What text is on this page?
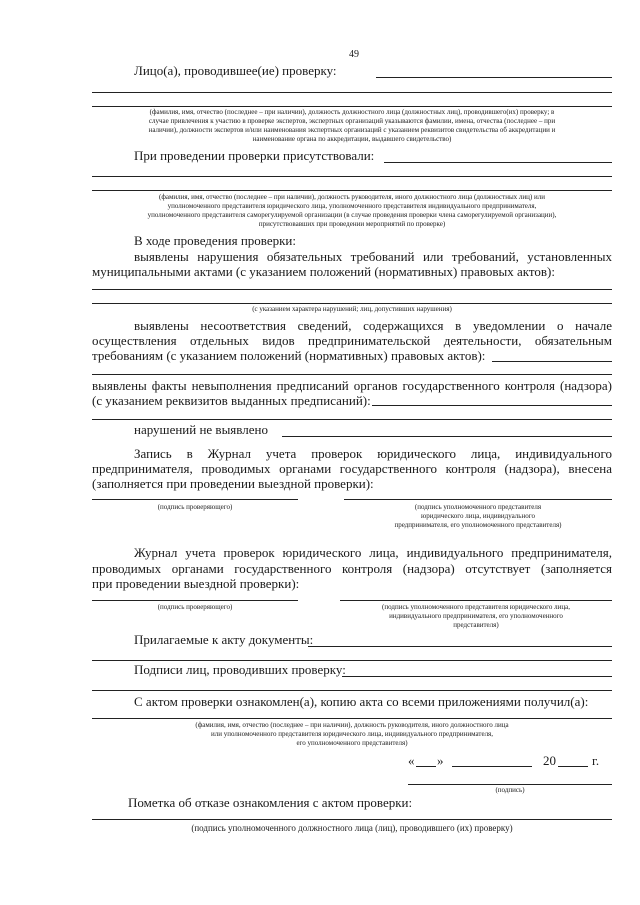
49

Лицо(а), проводившее(ие) проверку:

(фамилия, имя, отчество (последнее – при наличии), должность должностного лица (должностных лиц), проводившего(их) проверку; в

случае привлечения к участию в проверке экспертов, экспертных организаций указываются фамилии, имена, отчества (последнее – при

наличии), должности экспертов и/или наименования экспертных организаций с указанием реквизитов свидетельства об аккредитации и

наименование органа по аккредитации, выдавшего свидетельство)

При проведении проверки присутствовали:

(фамилия, имя, отчество (последнее – при наличии), должность руководителя, иного должностного лица (должностных лиц) или

уполномоченного представителя юридического лица, уполномоченного представителя индивидуального предпринимателя,

уполномоченного представителя саморегулируемой организации (в случае проведения проверки члена саморегулируемой организации),

присутствовавших при проведении мероприятий по проверке)

В ходе проведения проверки:

выявлены нарушения обязательных требований или требований, установленных

муниципальными актами (с указанием положений (нормативных) правовых актов):

(с указанием характера нарушений; лиц, допустивших нарушения)

выявлены несоответствия сведений, содержащихся в уведомлении о начале

осуществления отдельных видов предпринимательской деятельности, обязательным

требованиям (с указанием положений (нормативных) правовых актов):

выявлены факты невыполнения предписаний органов государственного контроля (надзора)

(с указанием реквизитов выданных предписаний):

нарушений не выявлено

Запись в Журнал учета проверок юридического лица, индивидуального

предпринимателя, проводимых органами государственного контроля (надзора), внесена

(заполняется при проведении выездной проверки):

(подпись проверяющего)	(подпись уполномоченного представителя

юридического лица, индивидуального

предпринимателя, его уполномоченного представителя)

Журнал учета проверок юридического лица, индивидуального предпринимателя,

проводимых органами государственного контроля (надзора) отсутствует (заполняется

при проведении выездной проверки):

(подпись проверяющего)	(подпись уполномоченного представителя юридического лица,

индивидуального предпринимателя, его уполномоченного

представителя)

Прилагаемые к акту документы:

Подписи лиц, проводивших проверку:

С актом проверки ознакомлен(а), копию акта со всеми приложениями получил(а):

(фамилия, имя, отчество (последнее – при наличии), должность руководителя, иного должностного лица

или уполномоченного представителя юридического лица, индивидуального предпринимателя,

его уполномоченного представителя)

« »	20	г.

(подпись)

Пометка об отказе ознакомления с актом проверки:

(подпись уполномоченного должностного лица (лиц), проводившего (их) проверку)
